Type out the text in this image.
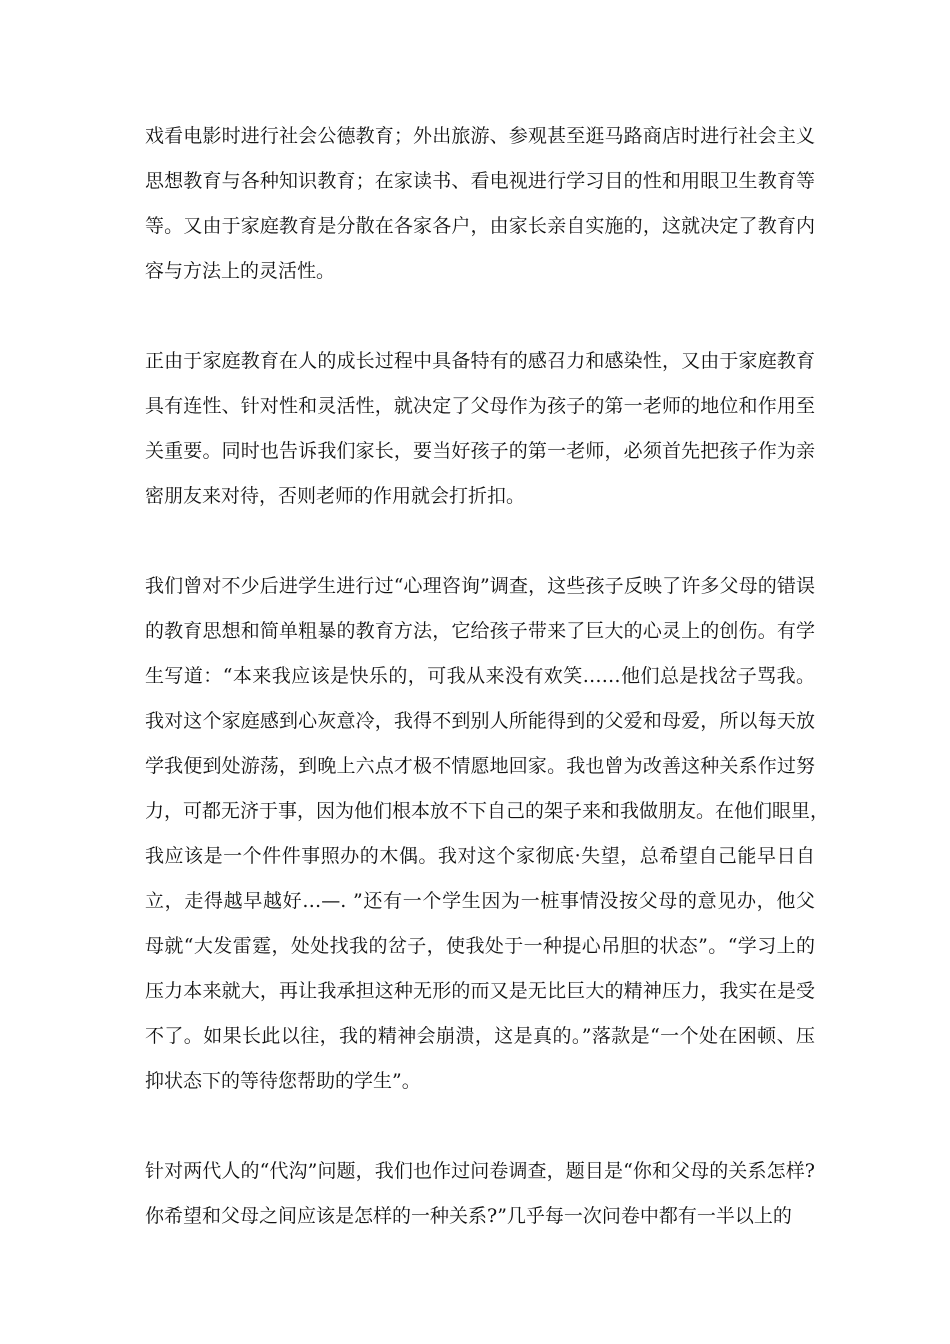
戏看电影时进行社会公德教育；外出旅游、参观甚至逛马路商店时进行社会主义
思想教育与各种知识教育；在家读书、看电视进行学习目的性和用眼卫生教育等
等。又由于家庭教育是分散在各家各户，由家长亲自实施的，这就决定了教育内
容与方法上的灵活性。
正由于家庭教育在人的成长过程中具备特有的感召力和感染性，又由于家庭教育
具有连性、针对性和灵活性，就决定了父母作为孩子的第一老师的地位和作用至
关重要。同时也告诉我们家长，要当好孩子的第一老师，必须首先把孩子作为亲
密朋友来对待，否则老师的作用就会打折扣。
我们曾对不少后进学生进行过“心理咨询”调查，这些孩子反映了许多父母的错误
的教育思想和简单粗暴的教育方法，它给孩子带来了巨大的心灵上的创伤。有学
生写道：“本来我应该是快乐的，可我从来没有欢笑……他们总是找岔子骂我。
我对这个家庭感到心灰意冷，我得不到别人所能得到的父爱和母爱，所以每天放
学我便到处游荡，到晚上六点才极不情愿地回家。我也曾为改善这种关系作过努
力，可都无济于事，因为他们根本放不下自己的架子来和我做朋友。在他们眼里，
我应该是一个件件事照办的木偶。我对这个家彻底·失望，总希望自己能早日自
立，走得越早越好…—. ”还有一个学生因为一桩事情没按父母的意见办，他父
母就“大发雷霆，处处找我的岔子，使我处于一种提心吊胆的状态”。“学习上的
压力本来就大，再让我承担这种无形的而又是无比巨大的精神压力，我实在是受
不了。如果长此以往，我的精神会崩溃，这是真的。”落款是“一个处在困顿、压
抑状态下的等待您帮助的学生”。
针对两代人的“代沟”问题，我们也作过问卷调查，题目是“你和父母的关系怎样?
你希望和父母之间应该是怎样的一种关系?”几乎每一次问卷中都有一半以上的
